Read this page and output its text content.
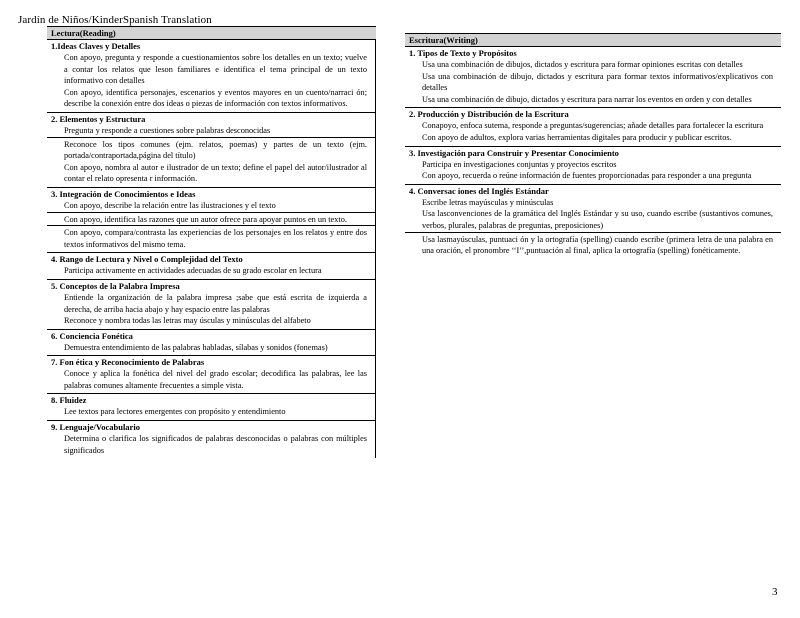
Jardín de Niños/KinderSpanish Translation
Lectura(Reading)
1.Ideas Claves y Detalles
Con apoyo, pregunta y responde a cuestionamientos sobre los detalles en un texto; vuelve a contar los relatos que leson familiares e identifica el tema principal de un texto informativo con detalles
Con apoyo, identifica personajes, escenarios y eventos mayores en un cuento/narraci ón; describe la conexión entre dos ideas o piezas de información con textos informativos.
2. Elementos y Estructura
Pregunta y responde a cuestiones sobre palabras desconocidas
Reconoce los tipos comunes (ejm. relatos, poemas) y partes de un texto (ejm. portada/contraportada,página del título)
Con apoyo, nombra al autor e ilustrador de un texto; define el papel del autor/ilustrador al contar el relato opresenta r información.
3. Integración de Conocimientos e Ideas
Con apoyo, describe la relación entre las ilustraciones y el texto
Con apoyo, identifica las razones que un autor ofrece para apoyar puntos en un texto.
Con apoyo, compara/contrasta las experiencias de los personajes en los relatos y entre dos textos informativos del mismo tema.
4. Rango de Lectura y Nivel o Complejidad del Texto
Participa activamente en actividades adecuadas de su grado escolar en lectura
5. Conceptos de la Palabra Impresa
Entiende la organización de la palabra impresa ;sabe que está escrita de izquierda a derecha, de arriba hacia abajo y hay espacio entre las palabras
Reconoce y nombra todas las letras may úsculas y minúsculas del alfabeto
6. Conciencia Fonética
Demuestra entendimiento de las palabras habladas, sílabas y sonidos (fonemas)
7. Fon ética y Reconocimiento de Palabras
Conoce y aplica la fonética del nivel del grado escolar; decodifica las palabras, lee las palabras comunes altamente frecuentes a simple vista.
8. Fluidez
Lee textos para lectores emergentes con propósito y entendimiento
9. Lenguaje/Vocabulario
Determina o clarifica los significados de palabras desconocidas o palabras con múltiples significados
Escritura(Writing)
1. Tipos de Texto y Propósitos
Usa una combinación de dibujos, dictados y escritura para formar opiniones escritas con detalles
Usa una combinación de dibujo, dictados y escritura para formar textos informativos/explicativos con detalles
Usa una combinación de dibujo, dictados y escritura para narrar los eventos en orden y con detalles
2. Producción y Distribución de la Escritura
Conapoyo, enfoca sutema, responde a preguntas/sugerencias; añade detalles para fortalecer la escritura
Con apoyo de adultos, explora varias herramientas digitales para producir y publicar escritos.
3. Investigación para Construir y Presentar Conocimiento
Participa en investigaciones conjuntas y proyectos escritos
Con apoyo, recuerda o reúne información de fuentes proporcionadas para responder a una pregunta
4. Conversac iones del Inglés Estándar
Escribe letras mayúsculas y minúsculas
Usa lasconvenciones de la gramática del Inglés Estándar y su uso, cuando escribe (sustantivos comunes, verbos, plurales, palabras de preguntas, preposiciones)
Usa lasmayúsculas, puntuaci ón y la ortografía (spelling) cuando escribe (primera letra de una palabra en una oración, el pronombre ‘‘I’’,puntuación al final, aplica la ortografía (spelling) fonéticamente.
3
